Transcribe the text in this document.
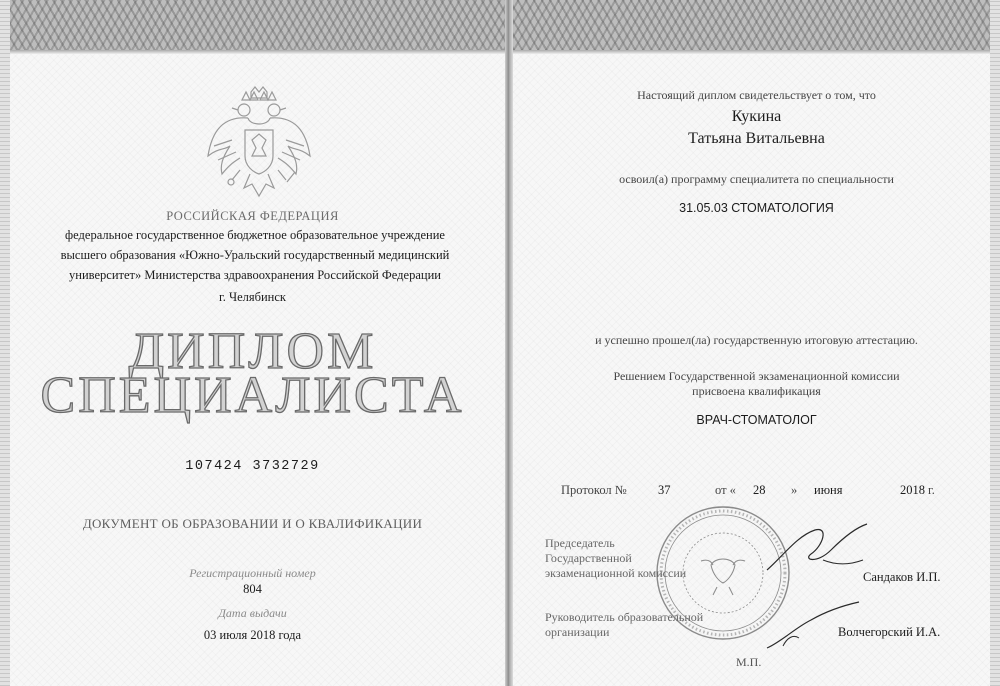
РОССИЙСКАЯ ФЕДЕРАЦИЯ
федеральное государственное бюджетное образовательное учреждение
высшего образования «Южно-Уральский государственный медицинский
университет» Министерства здравоохранения Российской Федерации
г. Челябинск
ДИПЛОМ
СПЕЦИАЛИСТА
107424 3732729
ДОКУМЕНТ ОБ ОБРАЗОВАНИИ И О КВАЛИФИКАЦИИ
Регистрационный номер
804
Дата выдачи
03 июля 2018 года
Настоящий диплом свидетельствует о том, что
Кукина
Татьяна Витальевна
освоил(а) программу специалитета по специальности
31.05.03 СТОМАТОЛОГИЯ
и успешно прошел(ла) государственную итоговую аттестацию.
Решением Государственной экзаменационной комиссии
присвоена квалификация
ВРАЧ-СТОМАТОЛОГ
Протокол №	37	от « 28 » июня	2018 г.
Председатель
Государственной
экзаменационной комиссии	Сандаков И.П.
Руководитель образовательной
организации	Волчегорский И.А.
М.П.
